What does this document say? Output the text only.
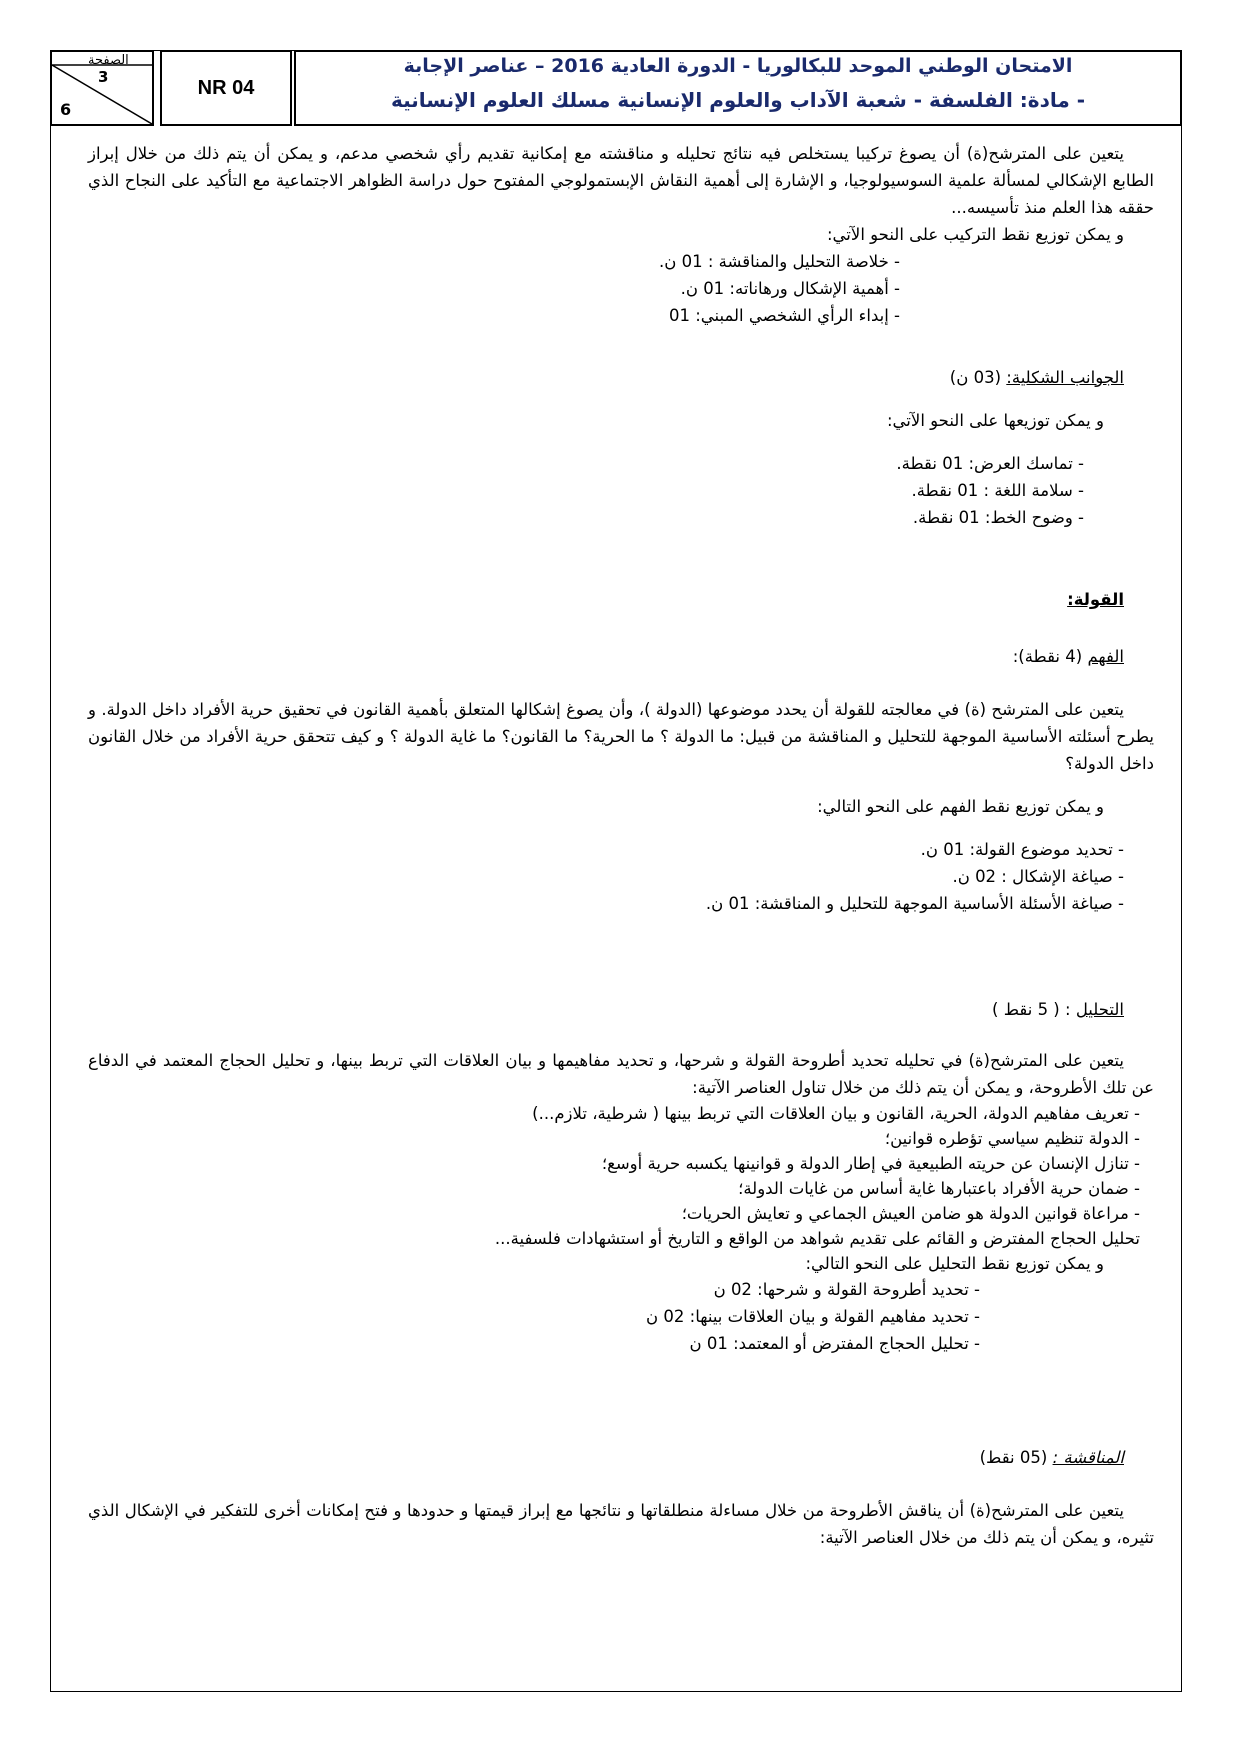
الصفحة
3
6
NR 04
الامتحان الوطني الموحد للبكالوريا - الدورة العادية 2016 – عناصر الإجابة
- مادة: الفلسفة - شعبة الآداب والعلوم الإنسانية مسلك العلوم الإنسانية

يتعين على المترشح(ة) أن يصوغ تركيبا يستخلص فيه نتائج تحليله و مناقشته مع إمكانية تقديم رأي شخصي مدعم، و يمكن أن يتم ذلك من خلال إبراز الطابع الإشكالي لمسألة علمية السوسيولوجيا، و الإشارة إلى أهمية النقاش الإبستمولوجي المفتوح حول دراسة الظواهر الاجتماعية مع التأكيد على النجاح الذي حققه هذا العلم منذ تأسيسه...

و يمكن توزيع نقط التركيب على النحو الآتي:

- خلاصة التحليل والمناقشة : 01 ن.

- أهمية الإشكال ورهاناته: 01 ن.

- إبداء الرأي الشخصي المبني: 01

الجوانب الشكلية: (03 ن)

و يمكن توزيعها على النحو الآتي:

- تماسك العرض: 01 نقطة.

- سلامة اللغة : 01 نقطة.

- وضوح الخط: 01 نقطة.

القولة:

الفهم (4 نقطة):

يتعين على المترشح (ة) في معالجته للقولة أن يحدد موضوعها (الدولة )، وأن يصوغ إشكالها المتعلق بأهمية القانون في تحقيق حرية الأفراد داخل الدولة. و يطرح أسئلته الأساسية الموجهة للتحليل و المناقشة من قبيل: ما الدولة ؟ ما الحرية؟ ما القانون؟ ما غاية الدولة ؟ و كيف تتحقق حرية الأفراد من خلال القانون داخل الدولة؟

و يمكن توزيع نقط الفهم على النحو التالي:

- تحديد موضوع القولة: 01 ن.

- صياغة الإشكال : 02 ن.

- صياغة الأسئلة الأساسية الموجهة للتحليل و المناقشة: 01 ن.

التحليل : ( 5 نقط )

يتعين على المترشح(ة) في تحليله تحديد أطروحة القولة و شرحها، و تحديد مفاهيمها و بيان العلاقات التي تربط بينها، و تحليل الحجاج المعتمد في الدفاع عن تلك الأطروحة، و يمكن أن يتم ذلك من خلال تناول العناصر الآتية:

- تعريف مفاهيم الدولة، الحرية، القانون و بيان العلاقات التي تربط بينها ( شرطية، تلازم...)

- الدولة تنظيم سياسي تؤطره قوانين؛

- تنازل الإنسان عن حريته الطبيعية في إطار الدولة و قوانينها يكسبه حرية أوسع؛

- ضمان حرية الأفراد باعتبارها غاية أساس من غايات الدولة؛

- مراعاة قوانين الدولة هو ضامن العيش الجماعي و تعايش الحريات؛

تحليل الحجاج المفترض و القائم على تقديم شواهد من الواقع و التاريخ أو استشهادات فلسفية...

و يمكن توزيع نقط التحليل على النحو التالي:

- تحديد أطروحة القولة و شرحها: 02 ن

- تحديد مفاهيم القولة و بيان العلاقات بينها: 02 ن

- تحليل الحجاج المفترض أو المعتمد: 01 ن

المناقشة : (05 نقط)

يتعين على المترشح(ة) أن يناقش الأطروحة من خلال مساءلة منطلقاتها و نتائجها مع إبراز قيمتها و حدودها و فتح إمكانات أخرى للتفكير في الإشكال الذي تثيره، و يمكن أن يتم ذلك من خلال العناصر الآتية:
